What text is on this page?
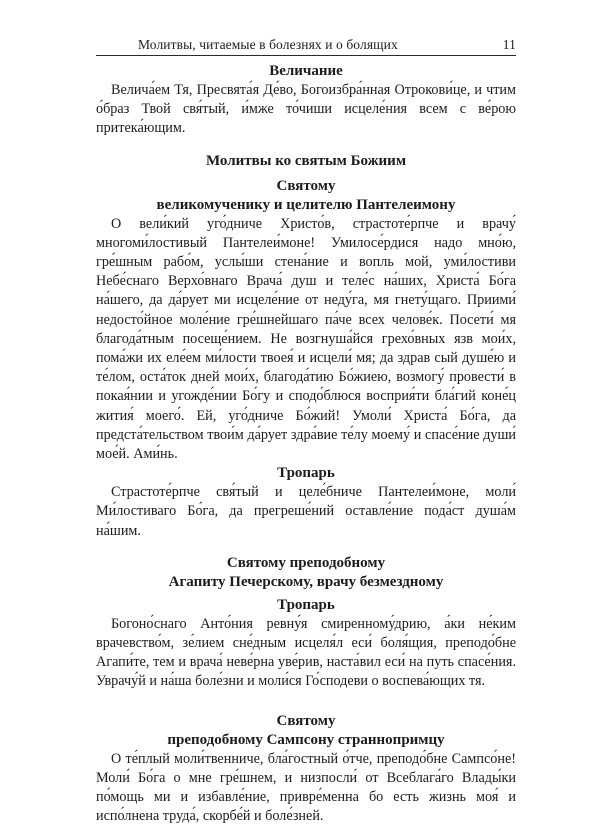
Молитвы, читаемые в болезнях и о болящих	11
Величание

Велича́ем Тя, Пресвята́я Де́во, Богоизбра́нная Отрокови́це, и чтим о́браз Твой свя́тый, и́мже то́чиши исцеле́ния всем с ве́рою притека́ющим.

Молитвы ко святым Божиим
Святому
великомученику и целителю Пантелеимону

О вели́кий уго́дниче Христо́в, страстоте́рпче и врачу́ многоми́лостивый Пантелеи́моне! Умилосе́рдися надо мно́ю, гре́шным рабо́м, услы́ши стена́ние и вопль мой, уми́лостиви Небе́снаго Верхо́внаго Врача́ душ и теле́с на́ших, Христа́ Бо́га на́шего, да да́рует ми исцеле́ние от неду́га, мя гнету́щаго. Приими́ недосто́йное моле́ние гре́шнейшаго па́че всех челове́к. Посети́ мя благода́тным посеще́нием. Не возгнуша́йся грехо́вных язв мои́х, пома́жи их еле́ем ми́лости твоея́ и исцели́ мя; да здрав сый душе́ю и те́лом, оста́ток дней мои́х, благода́тию Бо́жиею, возмогу́ провести́ в покая́нии и угожде́нии Бо́гу и сподо́блюся восприя́ти бла́гий коне́ц жития́ моего́. Ей, уго́дниче Бо́жий! Умоли́ Христа́ Бо́га, да предста́тельством твои́м да́рует здра́вие те́лу моему́ и спасе́ние души́ мое́й. Ами́нь.

Тропарь

Страстоте́рпче свя́тый и целе́бниче Пантелеи́моне, моли́ Ми́лостиваго Бо́га, да прегреше́ний оставле́ние пода́ст душа́м на́шим.

Святому преподобному
Агапиту Печерскому, врачу безмездному
Тропарь

Богоно́снаго Анто́ния ревну́я смиренному́дрию, а́ки не́ким врачевство́м, зе́лием сне́дным исцеля́л еси́ боля́щия, преподо́бне Агапи́те, тем и врача́ неве́рна уве́рив, наста́вил еси́ на путь спасе́ния. Уврачу́й и на́ша боле́зни и моли́ся Го́сподеви о воспева́ющих тя.

Святому
преподобному Сампсону страннопримцу

О те́плый моли́твенниче, бла́гостный о́тче, преподо́бне Сампсо́не! Моли́ Бо́га о мне гре́шнем, и низпосли́ от Всеблага́го Влады́ки по́мощь ми и избавле́ние, привре́менна бо есть жизнь моя́ и испо́лнена труда́, скорбе́й и боле́зней.
